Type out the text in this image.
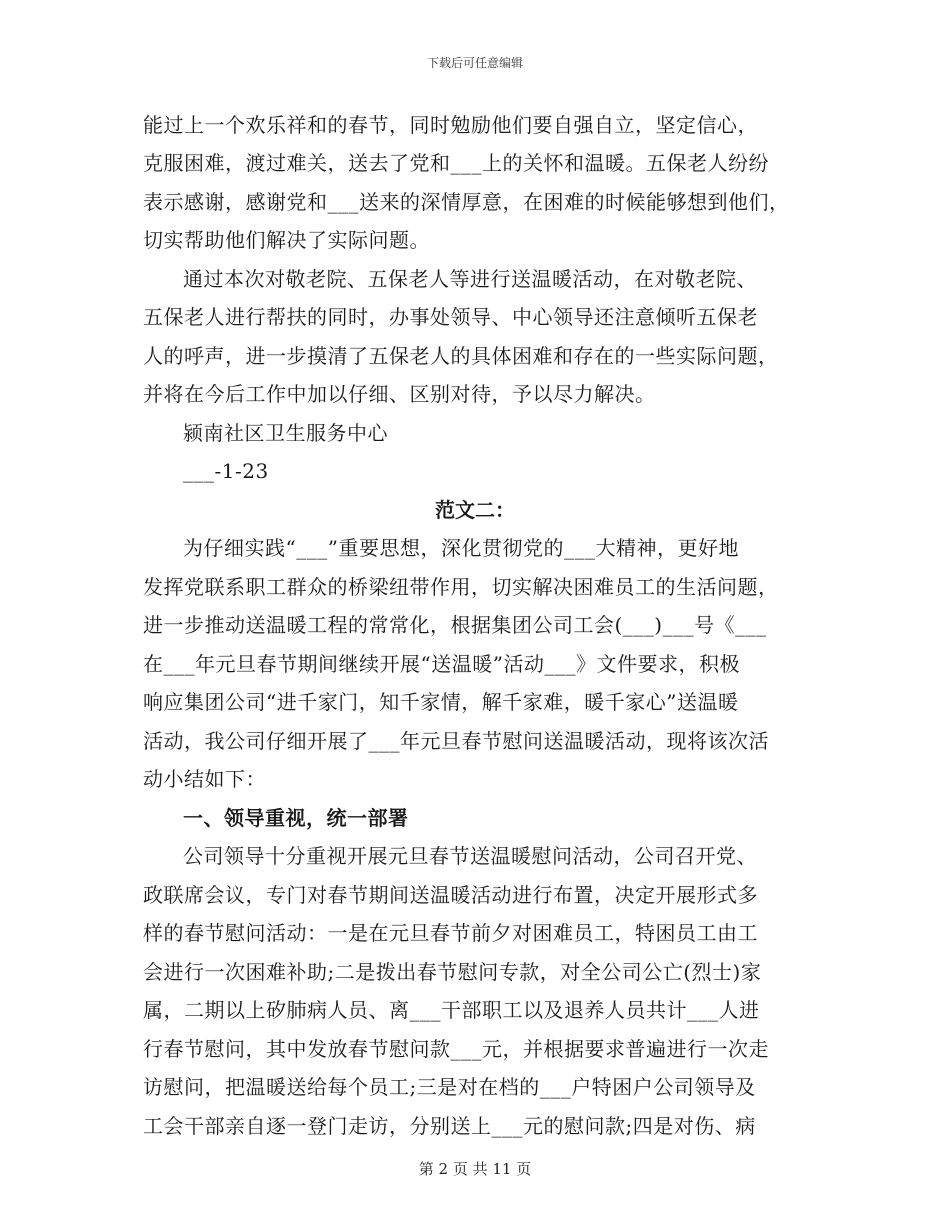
下载后可任意编辑
能过上一个欢乐祥和的春节，同时勉励他们要自强自立，坚定信心，
克服困难，渡过难关，送去了党和___上的关怀和温暖。五保老人纷纷
表示感谢，感谢党和___送来的深情厚意，在困难的时候能够想到他们，
切实帮助他们解决了实际问题。
通过本次对敬老院、五保老人等进行送温暖活动，在对敬老院、
五保老人进行帮扶的同时，办事处领导、中心领导还注意倾听五保老
人的呼声，进一步摸清了五保老人的具体困难和存在的一些实际问题，
并将在今后工作中加以仔细、区别对待，予以尽力解决。
颍南社区卫生服务中心
___-1-23
范文二：
为仔细实践“___”重要思想，深化贯彻党的___大精神，更好地
发挥党联系职工群众的桥梁纽带作用，切实解决困难员工的生活问题，
进一步推动送温暖工程的常常化，根据集团公司工会(___)___号《___
在___年元旦春节期间继续开展“送温暖”活动___》文件要求，积极
响应集团公司“进千家门，知千家情，解千家难，暖千家心”送温暖
活动，我公司仔细开展了___年元旦春节慰问送温暖活动，现将该次活
动小结如下：
一、领导重视，统一部署
公司领导十分重视开展元旦春节送温暖慰问活动，公司召开党、
政联席会议，专门对春节期间送温暖活动进行布置，决定开展形式多
样的春节慰问活动：一是在元旦春节前夕对困难员工，特困员工由工
会进行一次困难补助;二是拨出春节慰问专款，对全公司公亡(烈士)家
属，二期以上矽肺病人员、离___干部职工以及退养人员共计___人进
行春节慰问，其中发放春节慰问款___元，并根据要求普遍进行一次走
访慰问，把温暖送给每个员工;三是对在档的___户特困户公司领导及
工会干部亲自逐一登门走访，分别送上___元的慰问款;四是对伤、病
第 2 页 共 11 页
